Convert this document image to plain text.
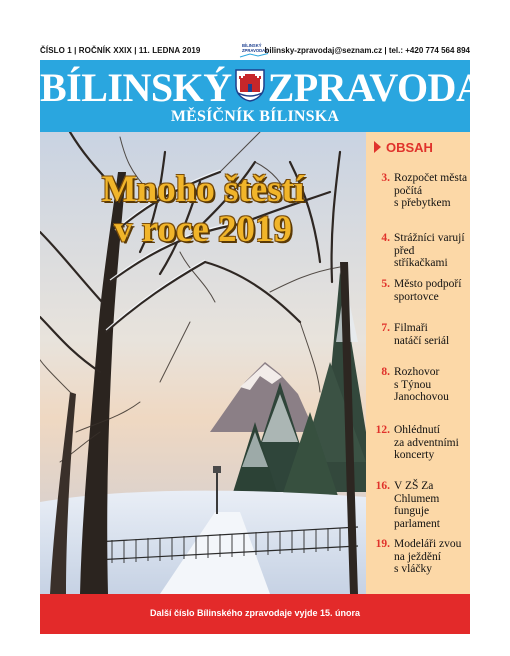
ČÍSLO 1 | ROČNÍK XXIX | 11. LEDNA 2019
BÍLINSKÝ
ZPRAVODAJ
bilinsky-zpravodaj@seznam.cz | tel.: +420 774 564 894
BÍLINSKÝ ZPRAVODAJ
MĚSÍČNÍK BÍLINSKA
Mnoho štěstí
v roce 2019
OBSAH
3. Rozpočet města
počítá
s přebytkem
4. Strážníci varují
před stříkačkami
5. Město podpoří
sportovce
7. Filmaři
natáčí seriál
8. Rozhovor
s Týnou
Janochovou
12. Ohlédnutí
za adventními
koncerty
16. V ZŠ Za Chlumem
funguje
parlament
19. Modeláři zvou
na ježdění
s vláčky
Další číslo Bílinského zpravodaje vyjde 15. února
